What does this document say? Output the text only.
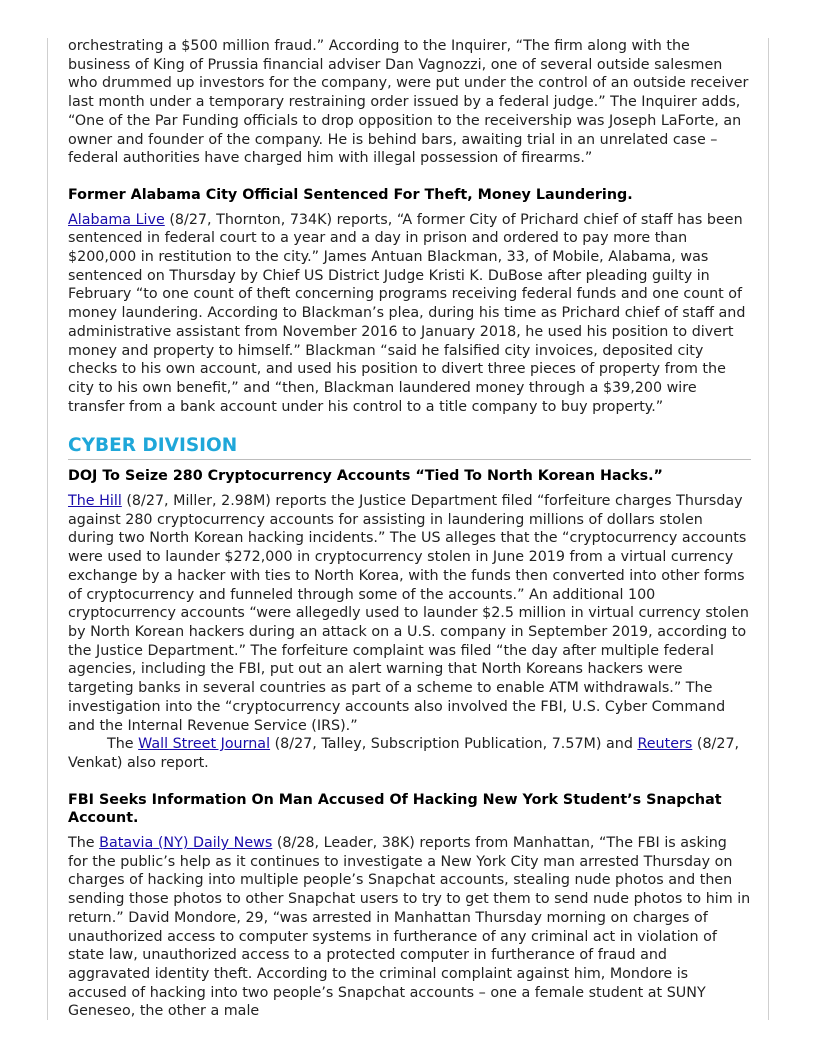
orchestrating a $500 million fraud.” According to the Inquirer, “The firm along with the business of King of Prussia financial adviser Dan Vagnozzi, one of several outside salesmen who drummed up investors for the company, were put under the control of an outside receiver last month under a temporary restraining order issued by a federal judge.” The Inquirer adds, “One of the Par Funding officials to drop opposition to the receivership was Joseph LaForte, an owner and founder of the company. He is behind bars, awaiting trial in an unrelated case – federal authorities have charged him with illegal possession of firearms.”

Former Alabama City Official Sentenced For Theft, Money Laundering.

Alabama Live (8/27, Thornton, 734K) reports, “A former City of Prichard chief of staff has been sentenced in federal court to a year and a day in prison and ordered to pay more than $200,000 in restitution to the city.” James Antuan Blackman, 33, of Mobile, Alabama, was sentenced on Thursday by Chief US District Judge Kristi K. DuBose after pleading guilty in February “to one count of theft concerning programs receiving federal funds and one count of money laundering. According to Blackman’s plea, during his time as Prichard chief of staff and administrative assistant from November 2016 to January 2018, he used his position to divert money and property to himself.” Blackman “said he falsified city invoices, deposited city checks to his own account, and used his position to divert three pieces of property from the city to his own benefit,” and “then, Blackman laundered money through a $39,200 wire transfer from a bank account under his control to a title company to buy property.”

CYBER DIVISION
DOJ To Seize 280 Cryptocurrency Accounts “Tied To North Korean Hacks.”

The Hill (8/27, Miller, 2.98M) reports the Justice Department filed “forfeiture charges Thursday against 280 cryptocurrency accounts for assisting in laundering millions of dollars stolen during two North Korean hacking incidents.” The US alleges that the “cryptocurrency accounts were used to launder $272,000 in cryptocurrency stolen in June 2019 from a virtual currency exchange by a hacker with ties to North Korea, with the funds then converted into other forms of cryptocurrency and funneled through some of the accounts.” An additional 100 cryptocurrency accounts “were allegedly used to launder $2.5 million in virtual currency stolen by North Korean hackers during an attack on a U.S. company in September 2019, according to the Justice Department.” The forfeiture complaint was filed “the day after multiple federal agencies, including the FBI, put out an alert warning that North Koreans hackers were targeting banks in several countries as part of a scheme to enable ATM withdrawals.” The investigation into the “cryptocurrency accounts also involved the FBI, U.S. Cyber Command and the Internal Revenue Service (IRS).”

The Wall Street Journal (8/27, Talley, Subscription Publication, 7.57M) and Reuters (8/27, Venkat) also report.

FBI Seeks Information On Man Accused Of Hacking New York Student’s Snapchat Account.

The Batavia (NY) Daily News (8/28, Leader, 38K) reports from Manhattan, “The FBI is asking for the public’s help as it continues to investigate a New York City man arrested Thursday on charges of hacking into multiple people’s Snapchat accounts, stealing nude photos and then sending those photos to other Snapchat users to try to get them to send nude photos to him in return.” David Mondore, 29, “was arrested in Manhattan Thursday morning on charges of unauthorized access to computer systems in furtherance of any criminal act in violation of state law, unauthorized access to a protected computer in furtherance of fraud and aggravated identity theft. According to the criminal complaint against him, Mondore is accused of hacking into two people’s Snapchat accounts – one a female student at SUNY Geneseo, the other a male
